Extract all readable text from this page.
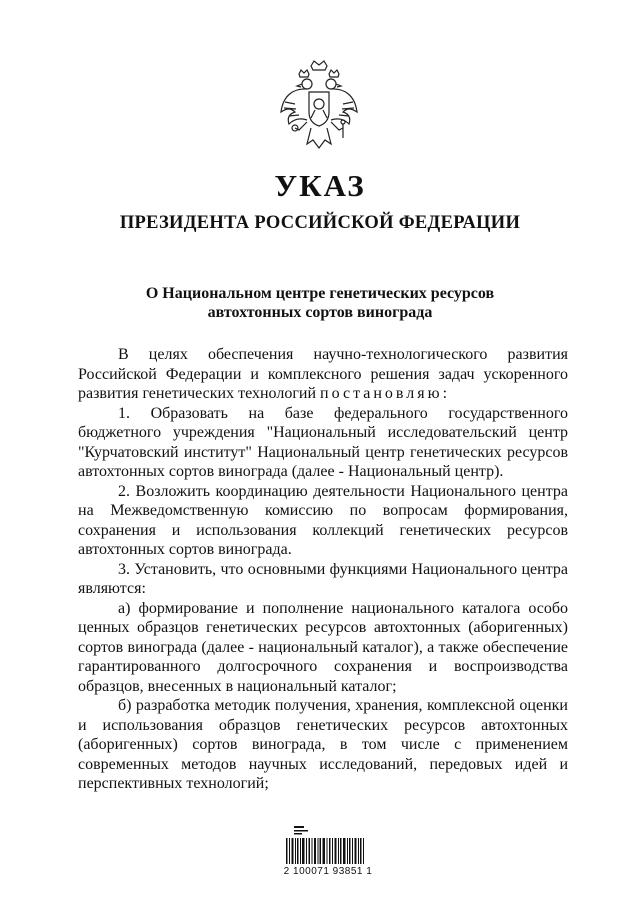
УКАЗ
ПРЕЗИДЕНТА РОССИЙСКОЙ ФЕДЕРАЦИИ
О Национальном центре генетических ресурсов
автохтонных сортов винограда

В целях обеспечения научно-технологического развития Российской Федерации и комплексного решения задач ускоренного развития генетических технологий постановляю:

1. Образовать на базе федерального государственного бюджетного учреждения "Национальный исследовательский центр "Курчатовский институт" Национальный центр генетических ресурсов автохтонных сортов винограда (далее - Национальный центр).

2. Возложить координацию деятельности Национального центра на Межведомственную комиссию по вопросам формирования, сохранения и использования коллекций генетических ресурсов автохтонных сортов винограда.

3. Установить, что основными функциями Национального центра являются:

а) формирование и пополнение национального каталога особо ценных образцов генетических ресурсов автохтонных (аборигенных) сортов винограда (далее - национальный каталог), а также обеспечение гарантированного долгосрочного сохранения и воспроизводства образцов, внесенных в национальный каталог;

б) разработка методик получения, хранения, комплексной оценки и использования образцов генетических ресурсов автохтонных (аборигенных) сортов винограда, в том числе с применением современных методов научных исследований, передовых идей и перспективных технологий;

2 100071 93851 1
